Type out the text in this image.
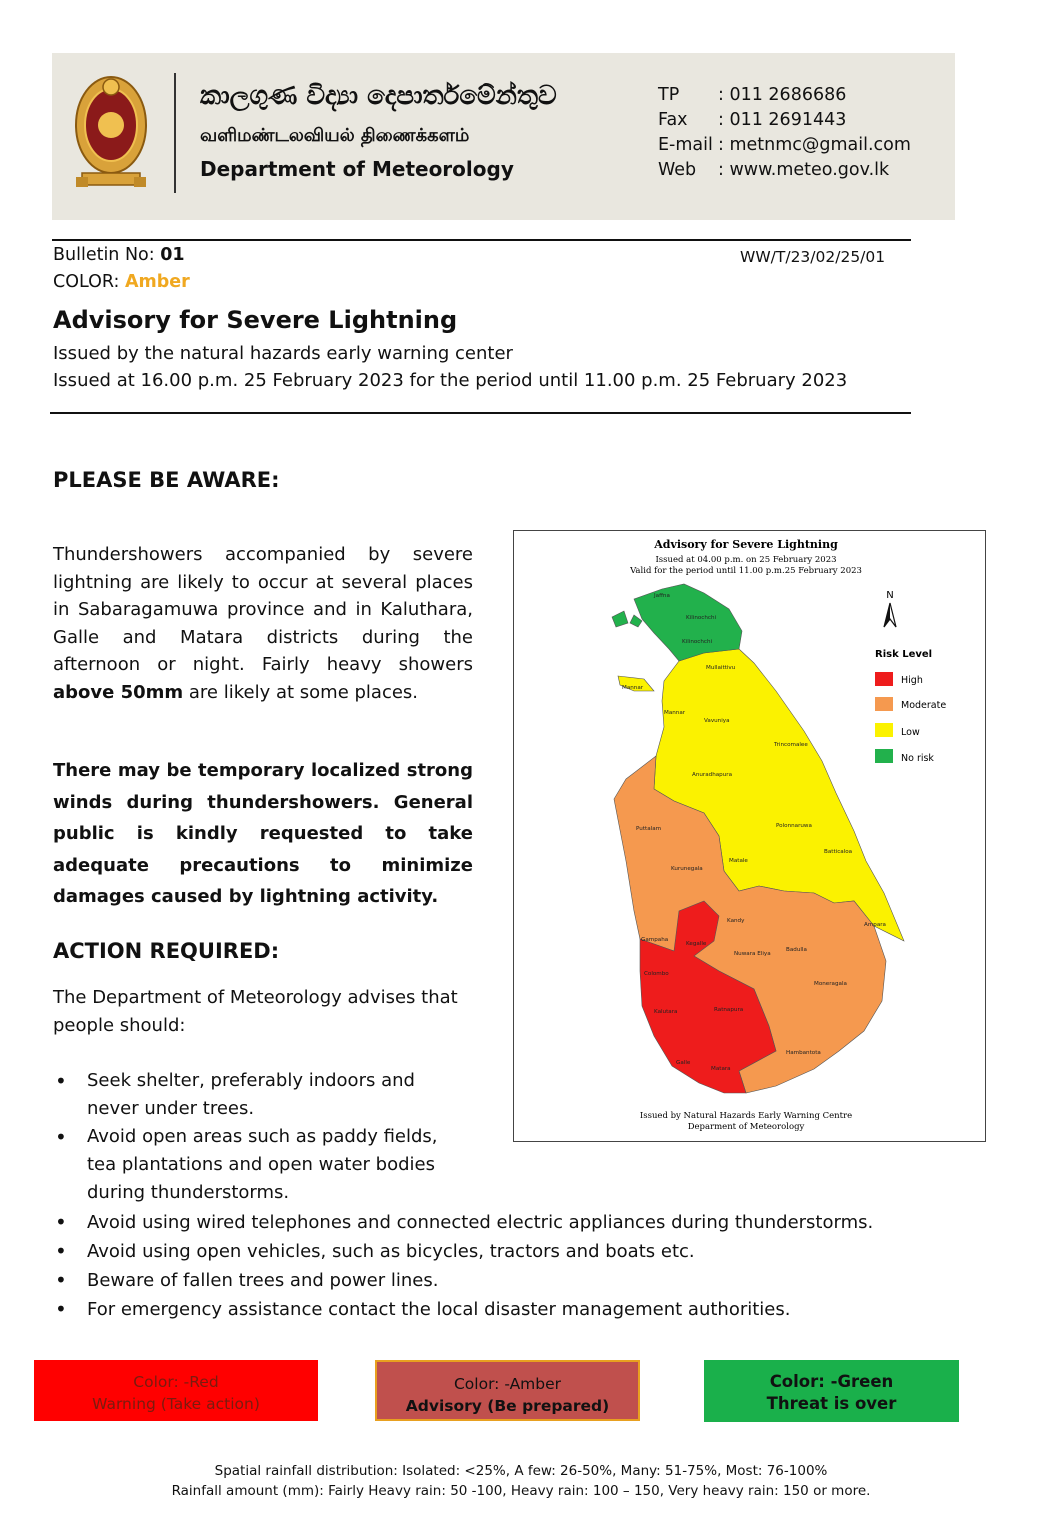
කාලගුණ විද්‍යා දෙපාර්තමේන්තුව
வளிமண்டலவியல் திணைக்களம்
Department of Meteorology
TP : 011 2686686
Fax : 011 2691443
E-mail : metnmc@gmail.com
Web : www.meteo.gov.lk
Bulletin No: 01	WW/T/23/02/25/01
COLOR: Amber
Advisory for Severe Lightning
Issued by the natural hazards early warning center
Issued at 16.00 p.m. 25 February 2023 for the period until 11.00 p.m. 25 February 2023
PLEASE BE AWARE:
Thundershowers accompanied by severe lightning are likely to occur at several places in Sabaragamuwa province and in Kaluthara, Galle and Matara districts during the afternoon or night. Fairly heavy showers above 50mm are likely at some places.
There may be temporary localized strong winds during thundershowers. General public is kindly requested to take adequate precautions to minimize damages caused by lightning activity.
ACTION REQUIRED:
The Department of Meteorology advises that people should:
• Seek shelter, preferably indoors and never under trees.
• Avoid open areas such as paddy fields, tea plantations and open water bodies during thunderstorms.
• Avoid using wired telephones and connected electric appliances during thunderstorms.
• Avoid using open vehicles, such as bicycles, tractors and boats etc.
• Beware of fallen trees and power lines.
• For emergency assistance contact the local disaster management authorities.
Advisory for Severe Lightning
Issued at 04.00 p.m. on 25 February 2023
Valid for the period until 11.00 p.m.25 February 2023
N
Risk Level
High
Moderate
Low
No risk
Jaffna
Kilinochchi
Kilinochchi
Mullaittivu
Mannar
Mannar
Vavuniya
Trincomalee
Anuradhapura
Puttalam	Polonnaruwa
Batticaloa
Kurunegala
Matale
Kandy
Ampara
Gampaha
Kegalle
Nuwara Eliya
Badulla
Colombo
Moneragala
Kalutara	Ratnapura
Hambantota
Galle
Matara
Issued by Natural Hazards Early Warning Centre
Deparment of Meteorology
Color: -Red
Warning (Take action)
Color: -Amber
Advisory (Be prepared)
Color: -Green
Threat is over
Spatial rainfall distribution: Isolated: <25%, A few: 26-50%, Many: 51-75%, Most: 76-100%
Rainfall amount (mm): Fairly Heavy rain: 50 -100, Heavy rain: 100 – 150, Very heavy rain: 150 or more.
